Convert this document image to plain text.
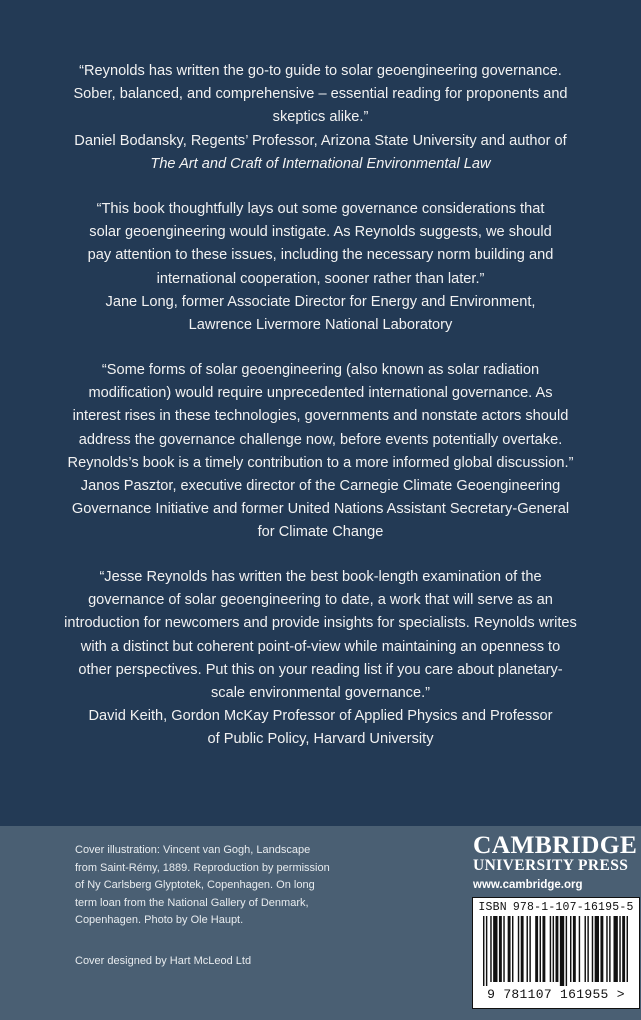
“Reynolds has written the go-to guide to solar geoengineering governance.

Sober, balanced, and comprehensive – essential reading for proponents and

skeptics alike.”

Daniel Bodansky, Regents’ Professor, Arizona State University and author of

The Art and Craft of International Environmental Law

“This book thoughtfully lays out some governance considerations that

solar geoengineering would instigate. As Reynolds suggests, we should

pay attention to these issues, including the necessary norm building and

international cooperation, sooner rather than later.”

Jane Long, former Associate Director for Energy and Environment,

Lawrence Livermore National Laboratory

“Some forms of solar geoengineering (also known as solar radiation

modification) would require unprecedented international governance. As

interest rises in these technologies, governments and nonstate actors should

address the governance challenge now, before events potentially overtake.

Reynolds’s book is a timely contribution to a more informed global discussion.”

Janos Pasztor, executive director of the Carnegie Climate Geoengineering

Governance Initiative and former United Nations Assistant Secretary-General

for Climate Change

“Jesse Reynolds has written the best book-length examination of the

governance of solar geoengineering to date, a work that will serve as an

introduction for newcomers and provide insights for specialists. Reynolds writes

with a distinct but coherent point-of-view while maintaining an openness to

other perspectives. Put this on your reading list if you care about planetary-

scale environmental governance.”

David Keith, Gordon McKay Professor of Applied Physics and Professor

of Public Policy, Harvard University

Cover illustration: Vincent van Gogh, Landscape

from Saint-Rémy, 1889. Reproduction by permission

of Ny Carlsberg Glyptotek, Copenhagen. On long

term loan from the National Gallery of Denmark,

Copenhagen. Photo by Ole Haupt.

Cover designed by Hart McLeod Ltd
CAMBRIDGE
UNIVERSITY PRESS
www.cambridge.org
ISBN 978-1-107-16195-5
9 781107 161955 >
